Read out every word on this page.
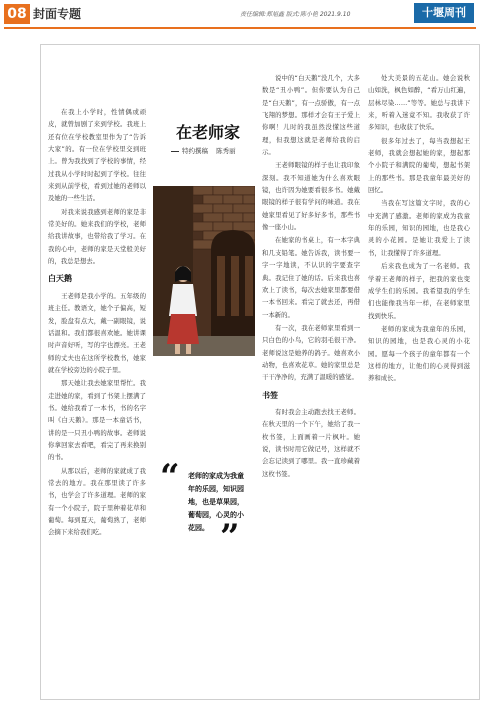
08 封面专题	责任编辑:郑旭鑫 版式:陈小艳 2021.9.10	十堰周刊

在我上小学时，性情偶或顽皮，就曾加剧了来到学校。我班上还有位在学校教室里作为了“告诉大家”的。有一位在学校里交到班上。曾为我找到了学校的事情，经过我从小学时时起到了学校。往往来到从前学校，看到过她的老师以及她的一些生活。

对我来说我感到老师的家是非常美好的。她来我们的学校，老师给我讲故事，也带给我了学习。在我的心中，老师的家是天堂般美好的，我总是想去。

白天鹅

王老师是我小学的。五年级的班主任。教语文，她个子偏高，短发，脸盘有点大，戴一副眼镜，说话温和。我们都很喜欢她。她讲课时声音好听，写的字也漂亮。王老师的丈夫也在这所学校教书，她家就在学校旁边的小院子里。

那天她让我去她家里帮忙。我走进她的家，看到了书架上摆满了书。她给我看了一本书，书的名字叫《白天鹅》。那是一本童话书，讲的是一只丑小鸭的故事。老师说你拿回家去看吧，看完了再来换别的书。

从那以后，老师的家就成了我常去的地方。我在那里读了许多书，也学会了许多道理。老师的家有一个小院子，院子里种着花草和葡萄。每到夏天，葡萄熟了，老师会摘下来给我们吃。

在老师家
特约撰稿 陈秀丽
“ 老师的家成为我童年的乐园，知识园地，也是草果园，葡萄园，心灵的小花园。 ”

说中的“白天鹅”没几个，大多数是“丑小鸭”。但你要认为自己是“白天鹅”，有一点骄傲，有一点飞翔的梦想。那样才会有王子爱上你啊！儿时的我虽然没懂这些道理，但我想这就是老师给我的启示。

王老师眼镜的样子也让我印象深刻。我不知道她为什么喜欢眼镜，也许因为她要看很多书。她戴眼镜的样子很有学问的味道。我在她家里看见了好多好多书，那些书像一座小山。

在她家的书桌上，有一本字典和几支铅笔。她告诉我，读书要一字一字地读，不认识的字要查字典。我记住了她的话。后来我也喜欢上了读书，每次去她家里都要借一本书回来。看完了就去还，再借一本新的。

有一次，我在老师家里看到一只白色的小鸟，它的羽毛很干净。老师说这是她养的鸽子。她喜欢小动物，也喜欢花草。她的家里总是干干净净的，充满了温暖的感觉。

书签

有时我会主动跑去找王老师。在秋天里的一个下午，她给了我一枚书签，上面画着一片枫叶。她说，读书时用它做记号，这样就不会忘记读到了哪里。我一直珍藏着这枚书签。

处大美景的五花山。她会说秋山如洗，枫色如醉，“看万山红遍，层林尽染……”等等。她总与我讲下来，听着入迷竟不知。我收获了许多知识，也收获了快乐。

很多年过去了，每当我想起王老师，我就会想起她的家，想起那个小院子和满院的葡萄，想起书架上的那些书。那是我童年最美好的回忆。

当我在写这篇文字时，我的心中充满了感激。老师的家成为我童年的乐园，知识的园地，也是我心灵的小花园。是她让我爱上了读书，让我懂得了许多道理。

后来我也成为了一名老师。我学着王老师的样子，把我的家也变成学生们的乐园。我希望我的学生们也能像我当年一样，在老师家里找到快乐。

老师的家成为我童年的乐园，知识的园地，也是我心灵的小花园。愿每一个孩子的童年都有一个这样的地方，让他们的心灵得到滋养和成长。
